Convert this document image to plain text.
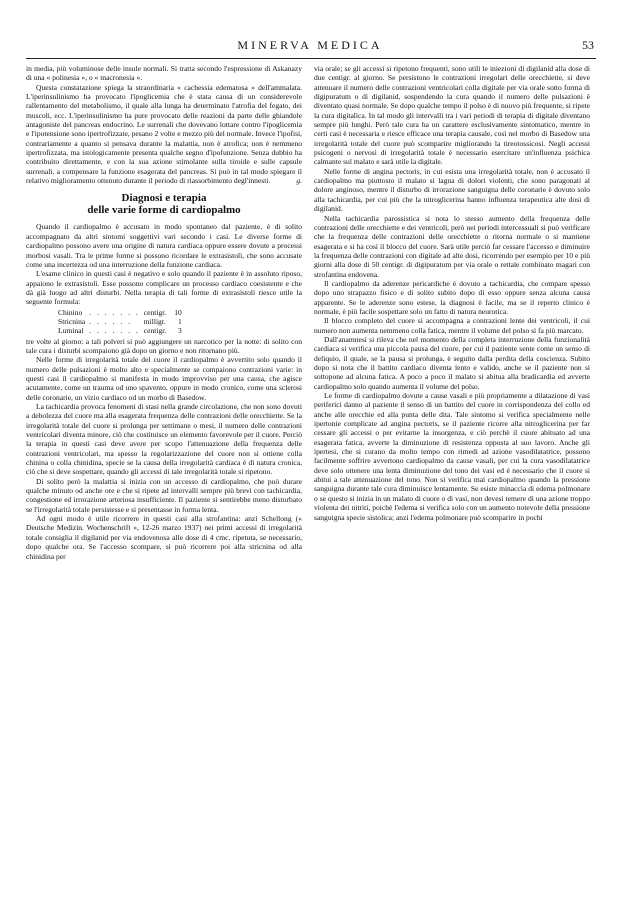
MINERVA MEDICA	53

in media, più voluminose delle insule normali. Si tratta secondo l'espressione di Askanazy di una « polinesia », o « macronesia ».

Questa constatazione spiega la straordinaria « cachessia edematosa » dell'ammalata. L'iperinsulinismo ha provocato l'ipoglicemia che è stata causa di un considerevole rallentamento del metabolismo, il quale alla lunga ha determinato l'atrofia del fegato, dei muscoli, ecc. L'iperinsulinismo ha pure provocato delle reazioni da parte delle ghiandole antagoniste del pancreas endocrino. Le surrenali che dovevano lottare contro l'ipoglicemia e l'ipotensione sono ipertrofizzate, pesano 2 volte e mezzo più del normale. Invece l'ipofisi, contrariamente a quanto si pensava durante la malattia, non è atrofica; non è nemmeno ipertrofizzata, ma istologicamente presenta qualche segno d'ipofunzione. Senza dubbio ha contribuito direttamente, e con la sua azione stimolante sulla tiroide e sulle capsule surrenali, a compensare la funzione esagerata del pancreas. Si può in tal modo spiegare il relativo miglioramento ottenuto durante il periodo di riassorbimento degl'innesti.	g.
Diagnosi e terapia
delle varie forme di cardiopalmo

Quando il cardiopalmo è accusato in modo spontaneo dal paziente, è di solito accompagnato da altri sintomi soggettivi vari secondo i casi. Le diverse forme di cardiopalmo possono avere una origine di natura cardiaca oppure essere dovute a processi morbosi vasali. Tra le prime forme si possono ricordare le extrasistoli, che sono accusate come una incertezza od una interruzione della funzione cardiaca.

L'esame clinico in questi casi è negativo e solo quando il paziente è in assoluto riposo, appaiono le extrasistoli. Esse possono complicare un processo cardiaco coesistente e che dà già luogo ad altri disturbi. Nella terapia di tali forme di extrasistoli riesce utile la seguente formula:

Chinino	. . . . . . .	centigr.	10
Stricnina	. . . . . .	milligr.	1
Luminal	. . . . . . .	centigr.	3

tre volte al giorno: a tali polveri si può aggiungere un narcotico per la notte: di solito con tale cura i disturbi scompaiono già dopo un giorno e non ritornano più.

Nelle forme di irregolarità totale del cuore il cardiopalmo è avvertito solo quando il numero delle pulsazioni è molto alto e specialmente se compaiono contrazioni varie: in questi casi il cardiopalmo si manifesta in modo improvviso per una causa, che agisce acutamente, come un trauma od uno spavento, oppure in modo cronico, come una sclerosi delle coronarie, un vizio cardiaco od un morbo di Basedow.

La tachicardia provoca fenomeni di stasi nella grande circolazione, che non sono dovuti a debolezza del cuore ma alla esagerata frequenza delle contrazioni delle orecchiette. Se la irregolarità totale del cuore si prolunga per settimane o mesi, il numero delle contrazioni ventricolari diventa minore, ciò che costituisce un elemento favorevole per il cuore. Perciò la terapia in questi casi deve avere per scopo l'attenuazione della frequenza delle contrazioni ventricolari, ma spesso la regolarizzazione del cuore non si ottiene colla chinina o colla chinidina, specie se la causa della irregolarità cardiaca è di natura cronica, ciò che si deve sospettare, quando gli accessi di tale irregolarità totale si ripetono.

Di solito però la malattia si inizia con un accesso di cardiopalmo, che può durare qualche minuto od anche ore e che si ripete ad intervalli sempre più brevi con tachicardia, congestione ed irrorazione arteriosa insufficiente. Il paziente si sentirebbe meno disturbato se l'irregolarità totale persistesse e si presentasse in forma lenta.

Ad ogni modo è utile ricorrere in questi casi alla strofantina: anzi Schellong (« Deutsche Medizin. Wochenschrift », 12-26 marzo 1937) nei primi accessi di irregolarità totale consiglia il digilanid per via endovenosa alle dose di 4 cmc. ripetuta, se necessario, dopo qualche ora. Se l'accesso scompare, si può ricorrere poi alla stricnina od alla chinidina per

via orale; se gli accessi si ripetono frequenti, sono utili le iniezioni di digilanid alla dose di due centigr. al giorno. Se persistono le contrazioni irregolari delle orecchiette, si deve attenuare il numero delle contrazioni ventricolari colla digitale per via orale sotto forma di digipuratum o di digilanid, sospendendo la cura quando il numero delle pulsazioni è diventato quasi normale. Se dopo qualche tempo il polso è di nuovo più frequente, si ripete la cura digitalica. In tal modo gli intervalli tra i vari periodi di terapia di digitale diventano sempre più lunghi. Però tale cura ha un carattere esclusivamente sintomatico, mentre in certi casi è necessaria e riesce efficace una terapia causale, così nel morbo di Basedow una irregolarità totale del cuore può scomparire migliorando la tireotossicosi. Negli accessi psicogeni o nervosi di irregolarità totale è necessario esercitare un'influenza psichica calmante sul malato e sarà utile la digitale.

Nelle forme di angina pectoris, in cui esista una irregolarità totale, non è accusato il cardiopalmo ma piuttosto il malato si lagna di dolori violenti, che sono paragonati al dolore anginoso, mentre il disturbo di irrorazione sanguigna delle coronarie è dovuto solo alla tachicardia, per cui più che la nitroglicerina hanno influenza terapeutica alte dosi di digilanid.

Nella tachicardia parossistica si nota lo stesso aumento della frequenza delle contrazioni delle orecchiette e dei ventricoli, però nei periodi intercessuali si può verificare che la frequenza delle contrazioni delle orecchiette o ritorna normale o si mantiene esagerata e si ha così il blocco del cuore. Sarà utile perciò far cessare l'accesso e diminuire la frequenza delle contrazioni con digitale ad alte dosi, ricorrendo per esempio per 10 e più giorni alla dose di 50 centigr. di digipuratum per via orale o rettale combinato magari con strofantina endovena.

Il cardiopalmo da aderenze pericardiche è dovuto a tachicardia, che compare spesso dopo uno strapazzo fisico e di solito subito dopo di esso oppure senza alcuna causa apparente. Se le aderenze sono estese, la diagnosi è facile, ma se il reperto clinico è normale, è più facile sospettare solo un fatto di natura neurotica.

Il blocco completo del cuore si accompagna a contrazioni lente dei ventricoli, il cui numero non aumenta nemmeno colla fatica, mentre il volume del polso si fa più marcato.

Dall'anamnesi si rileva che nel momento della completa interruzione della funzionalità cardiaca si verifica una piccola pausa del cuore, per cui il paziente sente come un senso di deliquio, il quale, se la pausa si prolunga, è seguito dalla perdita della coscienza. Subito dopo si nota che il battito cardiaco diventa lento e valido, anche se il paziente non si sottopone ad alcuna fatica. A poco a poco il malato si abitua alla bradicardia ed avverte cardiopalmo solo quando aumenta il volume del polso.

Le forme di cardiopalmo dovute a cause vasali e più propriamente a dilatazione di vasi periferici danno al paziente il senso di un battito del cuore in corrispondenza del collo ed anche alle orecchie ed alla punta delle dita. Tale sintomo si verifica specialmente nelle ipertonie complicate ad angina pectoris, se il paziente ricorre alla nitroglicerina per far cessare gli accessi o per evitarne la insorgenza, e ciò perchè il cuore abituato ad una esagerata fatica, avverte la diminuzione di resistenza opposta al suo lavoro. Anche gli ipertesi, che si curano da molto tempo con rimedi ad azione vasodilatatrice, possono facilmente soffrire avvertono cardiopalmo da cause vasali, per cui la cura vasodilatatrice deve solo ottenere una lenta diminuzione del tono dei vasi ed è necessario che il cuore si abitui a tale attenuazione del tono. Non si verifica mai cardiopalmo quando la pressione sanguigna durante tale cura diminuisce lentamente. Se esiste minaccia di edema polmonare o se questo si inizia in un malato di cuore o di vasi, non devesi temere di una azione troppo violenta dei nitriti, poichè l'edema si verifica solo con un aumento notevole della pressione sanguigna specie sistolica; anzi l'edema polmonare può scomparire in pochi
